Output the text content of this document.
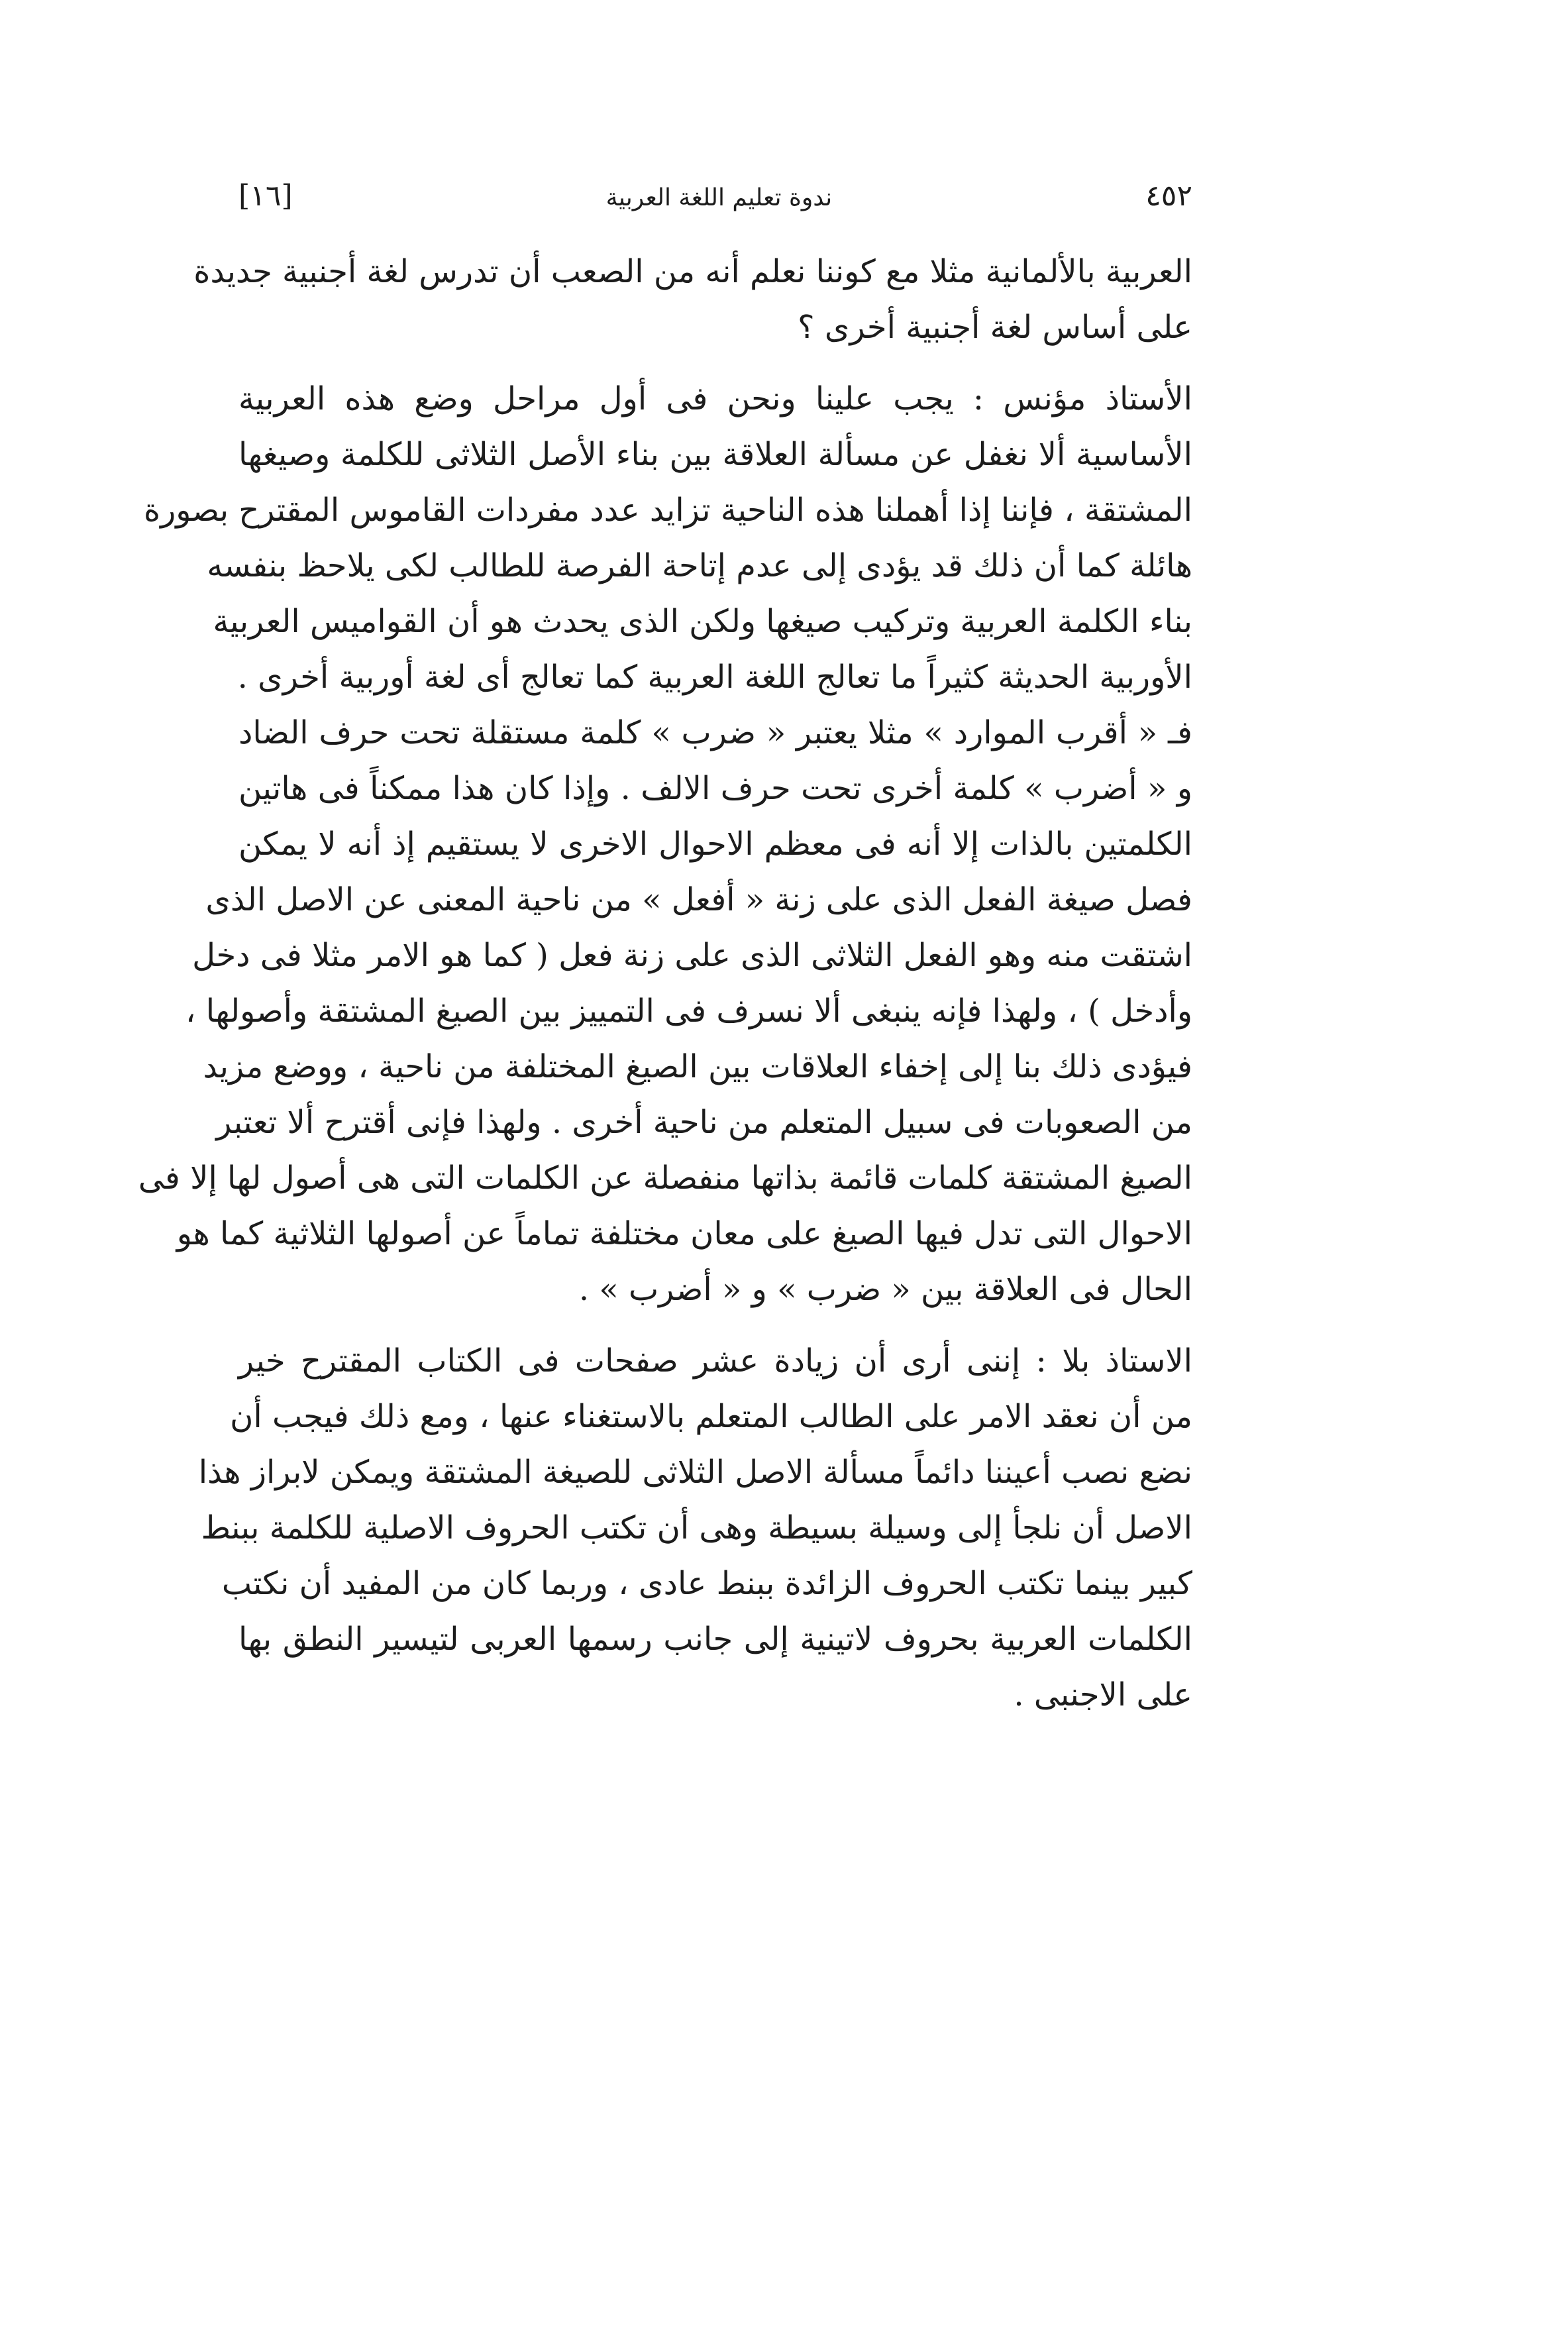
٤٥٢
ندوة تعليم اللغة العربية
[١٦]
العربية بالألمانية مثلا مع كوننا نعلم أنه من الصعب أن تدرس لغة أجنبية جديدة
على أساس لغة أجنبية أخرى ؟
الأستاذ مؤنس : يجب علينا ونحن فى أول مراحل وضع هذه العربية
الأساسية ألا نغفل عن مسألة العلاقة بين بناء الأصل الثلاثى للكلمة وصيغها
المشتقة ، فإننا إذا أهملنا هذه الناحية تزايد عدد مفردات القاموس المقترح بصورة
هائلة كما أن ذلك قد يؤدى إلى عدم إتاحة الفرصة للطالب لكى يلاحظ بنفسه
بناء الكلمة العربية وتركيب صيغها ولكن الذى يحدث هو أن القواميس العربية
الأوربية الحديثة كثيراً ما تعالج اللغة العربية كما تعالج أى لغة أوربية أخرى .
فـ « أقرب الموارد » مثلا يعتبر « ضرب » كلمة مستقلة تحت حرف الضاد
و « أضرب » كلمة أخرى تحت حرف الالف . وإذا كان هذا ممكناً فى هاتين
الكلمتين بالذات إلا أنه فى معظم الاحوال الاخرى لا يستقيم إذ أنه لا يمكن
فصل صيغة الفعل الذى على زنة « أفعل » من ناحية المعنى عن الاصل الذى
اشتقت منه وهو الفعل الثلاثى الذى على زنة فعل ( كما هو الامر مثلا فى دخل
وأدخل ) ، ولهذا فإنه ينبغى ألا نسرف فى التمييز بين الصيغ المشتقة وأصولها ،
فيؤدى ذلك بنا إلى إخفاء العلاقات بين الصيغ المختلفة من ناحية ، ووضع مزيد
من الصعوبات فى سبيل المتعلم من ناحية أخرى . ولهذا فإنى أقترح ألا تعتبر
الصيغ المشتقة كلمات قائمة بذاتها منفصلة عن الكلمات التى هى أصول لها إلا فى
الاحوال التى تدل فيها الصيغ على معان مختلفة تماماً عن أصولها الثلاثية كما هو
الحال فى العلاقة بين « ضرب » و « أضرب » .
الاستاذ بلا : إننى أرى أن زيادة عشر صفحات فى الكتاب المقترح خير
من أن نعقد الامر على الطالب المتعلم بالاستغناء عنها ، ومع ذلك فيجب أن
نضع نصب أعيننا دائماً مسألة الاصل الثلاثى للصيغة المشتقة ويمكن لابراز هذا
الاصل أن نلجأ إلى وسيلة بسيطة وهى أن تكتب الحروف الاصلية للكلمة ببنط
كبير بينما تكتب الحروف الزائدة ببنط عادى ، وربما كان من المفيد أن نكتب
الكلمات العربية بحروف لاتينية إلى جانب رسمها العربى لتيسير النطق بها
على الاجنبى .
